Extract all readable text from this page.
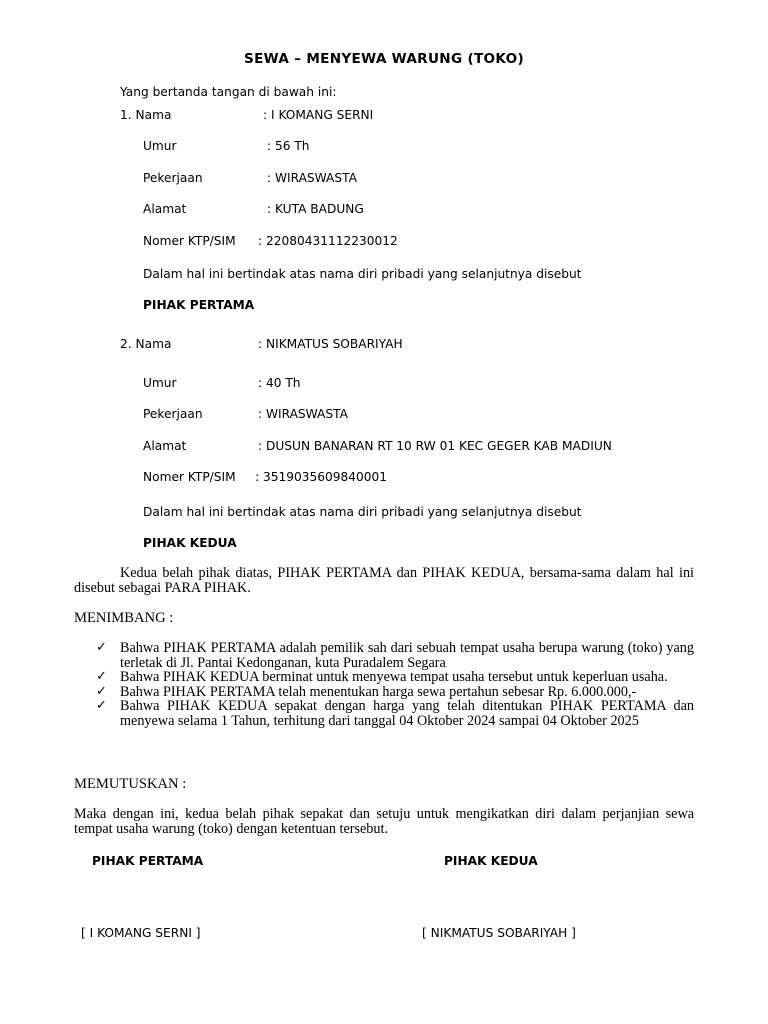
SEWA – MENYEWA WARUNG (TOKO)
Yang bertanda tangan di bawah ini:
1. Nama	: I KOMANG SERNI
Umur	: 56 Th
Pekerjaan	: WIRASWASTA
Alamat	: KUTA BADUNG
Nomer KTP/SIM : 22080431112230012
Dalam hal ini bertindak atas nama diri pribadi yang selanjutnya disebut
PIHAK PERTAMA
2. Nama	: NIKMATUS SOBARIYAH
Umur	: 40 Th
Pekerjaan	: WIRASWASTA
Alamat	: DUSUN BANARAN RT 10 RW 01 KEC GEGER KAB MADIUN
Nomer KTP/SIM : 3519035609840001
Dalam hal ini bertindak atas nama diri pribadi yang selanjutnya disebut
PIHAK KEDUA
Kedua belah pihak diatas, PIHAK PERTAMA dan PIHAK KEDUA, bersama-sama dalam hal ini disebut sebagai PARA PIHAK.
MENIMBANG :
✓ Bahwa PIHAK PERTAMA adalah pemilik sah dari sebuah tempat usaha berupa warung (toko) yang terletak di Jl. Pantai Kedonganan, kuta Puradalem Segara
✓ Bahwa PIHAK KEDUA berminat untuk menyewa tempat usaha tersebut untuk keperluan usaha.
✓ Bahwa PIHAK PERTAMA telah menentukan harga sewa pertahun sebesar Rp. 6.000.000,-
✓ Bahwa PIHAK KEDUA sepakat dengan harga yang telah ditentukan PIHAK PERTAMA dan menyewa selama 1 Tahun, terhitung dari tanggal 04 Oktober 2024 sampai 04 Oktober 2025
MEMUTUSKAN :
Maka dengan ini, kedua belah pihak sepakat dan setuju untuk mengikatkan diri dalam perjanjian sewa tempat usaha warung (toko) dengan ketentuan tersebut.
PIHAK PERTAMA	PIHAK KEDUA
[ I KOMANG SERNI ]	[ NIKMATUS SOBARIYAH ]
